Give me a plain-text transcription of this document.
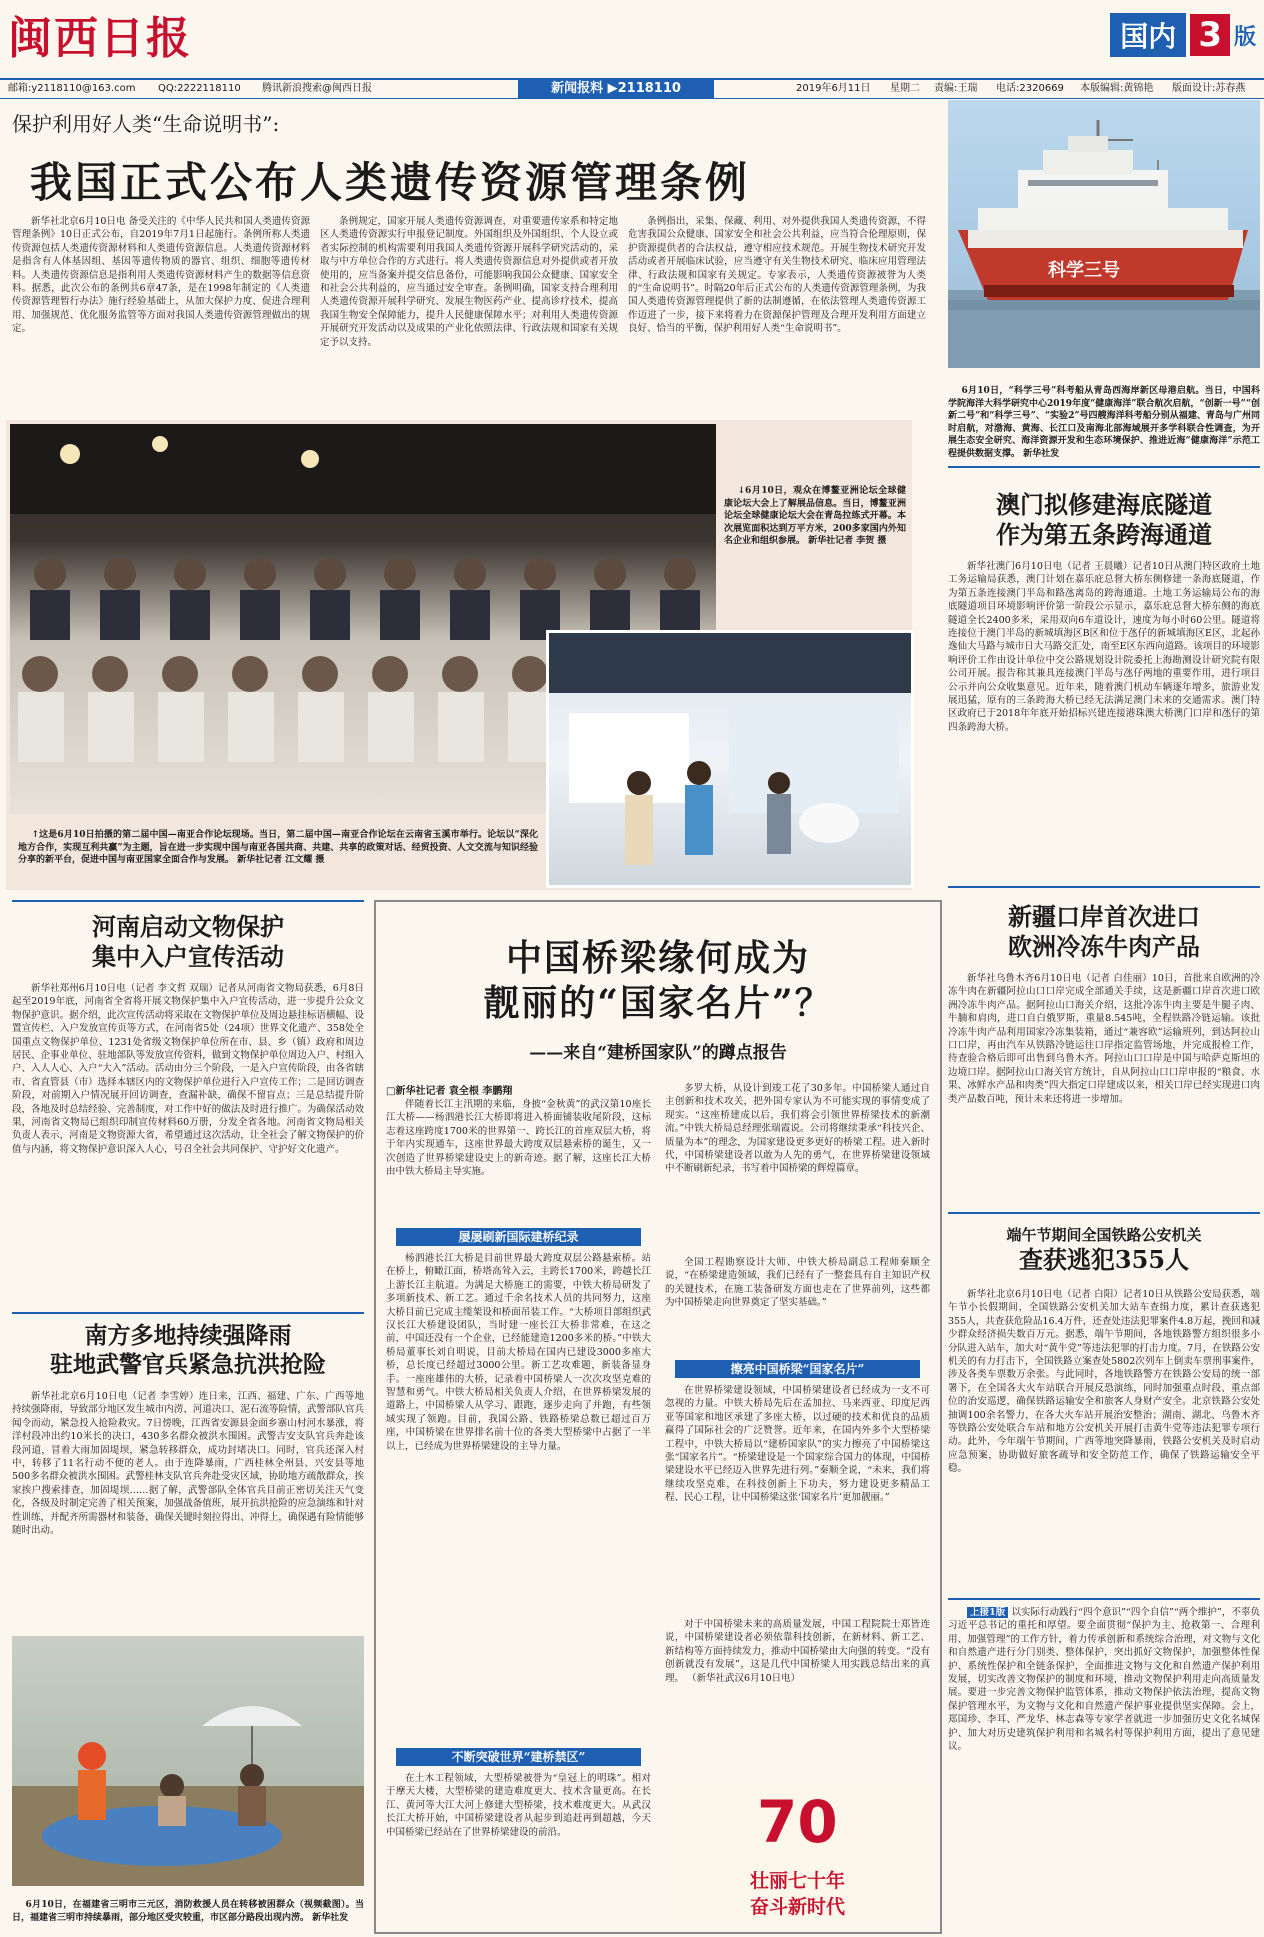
闽西日报	国内 3 版
邮箱:y2118110@163.com QQ:2222118110 腾讯新浪搜索@闽西日报	新闻报料 ▶2118110	2019年6月11日 星期二 责编:王瑞 电话:2320669 本版编辑:黄锦艳 版面设计:苏春燕
保护利用好人类“生命说明书”:
我国正式公布人类遗传资源管理条例

新华社北京6月10日电 备受关注的《中华人民共和国人类遗传资源管理条例》10日正式公布，自2019年7月1日起施行。条例所称人类遗传资源包括人类遗传资源材料和人类遗传资源信息。人类遗传资源材料是指含有人体基因组、基因等遗传物质的器官、组织、细胞等遗传材料。人类遗传资源信息是指利用人类遗传资源材料产生的数据等信息资料。据悉，此次公布的条例共6章47条，是在1998年制定的《人类遗传资源管理暂行办法》施行经验基础上，从加大保护力度、促进合理利用、加强规范、优化服务监管等方面对我国人类遗传资源管理做出的规定。

条例规定，国家开展人类遗传资源调查，对重要遗传家系和特定地区人类遗传资源实行申报登记制度。外国组织及外国组织、个人设立或者实际控制的机构需要利用我国人类遗传资源开展科学研究活动的，采取与中方单位合作的方式进行。将人类遗传资源信息对外提供或者开放使用的，应当备案并提交信息备份，可能影响我国公众健康、国家安全和社会公共利益的，应当通过安全审查。条例明确，国家支持合理利用人类遗传资源开展科学研究、发展生物医药产业、提高诊疗技术，提高我国生物安全保障能力，提升人民健康保障水平；对利用人类遗传资源开展研究开发活动以及成果的产业化依照法律、行政法规和国家有关规定予以支持。

条例指出，采集、保藏、利用、对外提供我国人类遗传资源，不得危害我国公众健康、国家安全和社会公共利益，应当符合伦理原则，保护资源提供者的合法权益，遵守相应技术规范。开展生物技术研究开发活动或者开展临床试验，应当遵守有关生物技术研究、临床应用管理法律、行政法规和国家有关规定。专家表示，人类遗传资源被誉为人类的“生命说明书”。时隔20年后正式公布的人类遗传资源管理条例，为我国人类遗传资源管理提供了新的法制遵循，在依法管理人类遗传资源工作迈进了一步，接下来将着力在资源保护管理及合理开发利用方面建立良好、恰当的平衡，保护利用好人类“生命说明书”。

科学三号

6月10日，“科学三号”科考船从青岛西海岸新区母港启航。当日，中国科学院海洋大科学研究中心2019年度“健康海洋”联合航次启航，“创新一号”“创新二号”和“科学三号”、“实验2”号四艘海洋科考船分别从福建、青岛与广州同时启航，对渤海、黄海、长江口及南海北部海域展开多学科联合性调查，为开展生态安全研究、海洋资源开发和生态环境保护、推进近海“健康海洋”示范工程提供数据支撑。 新华社发

↓6月10日，观众在博鳌亚洲论坛全球健康论坛大会上了解展品信息。当日，博鳌亚洲论坛全球健康论坛大会在青岛拉练式开幕。本次展览面积达到万平方米，200多家国内外知名企业和组织参展。 新华社记者 李贺 摄

↑这是6月10日拍摄的第二届中国—南亚合作论坛现场。当日，第二届中国—南亚合作论坛在云南省玉溪市举行。论坛以“深化地方合作，实现互利共赢”为主题，旨在进一步实现中国与南亚各国共商、共建、共享的政策对话、经贸投资、人文交流与知识经验分享的新平台，促进中国与南亚国家全面合作与发展。 新华社记者 江文耀 摄

澳门拟修建海底隧道
作为第五条跨海通道

新华社澳门6月10日电（记者 王晨曦）记者10日从澳门特区政府土地工务运输局获悉，澳门计划在嘉乐庇总督大桥东侧修建一条海底隧道，作为第五条连接澳门半岛和路氹离岛的跨海通道。土地工务运输局公布的海底隧道项目环境影响评价第一阶段公示显示，嘉乐庇总督大桥东侧的海底隧道全长2400多米，采用双向6车道设计，速度为每小时60公里。隧道将连接位于澳门半岛的新城填海区B区和位于氹仔的新城填海区E区，北起孙逸仙大马路与城市日大马路交汇处，南至E区东西向道路。该项目的环境影响评价工作由设计单位中交公路规划设计院委托上海勘测设计研究院有限公司开展。报告称其兼具连接澳门半岛与氹仔两地的重要作用，进行项目公示并向公众收集意见。近年来，随着澳门机动车辆逐年增多，旅游业发展迅猛，原有的三条跨海大桥已经无法满足澳门未来的交通需求。澳门特区政府已于2018年年底开始招标兴建连接港珠澳大桥澳门口岸和氹仔的第四条跨海大桥。

新疆口岸首次进口
欧洲冷冻牛肉产品

新华社乌鲁木齐6月10日电（记者 白佳丽）10日，首批来自欧洲的冷冻牛肉在新疆阿拉山口口岸完成全部通关手续，这是新疆口岸首次进口欧洲冷冻牛肉产品。据阿拉山口海关介绍，这批冷冻牛肉主要是牛腿子肉、牛腩和肩肉，进口自白俄罗斯，重量8.545吨，全程铁路冷链运输。该批冷冻牛肉产品利用国家冷冻集装箱，通过“兼容欧”运输班列，到达阿拉山口口岸，再由汽车从铁路冷链运往口岸指定监管场地，并完成报检工作，待查验合格后即可出售到乌鲁木齐。阿拉山口口岸是中国与哈萨克斯坦的边境口岸。据阿拉山口海关官方统计，自从阿拉山口口岸申报的“粮食、水果、冰鲜水产品和肉类”四大指定口岸建成以来，相关口岸已经实现进口肉类产品数百吨，预计未来还将进一步增加。

端午节期间全国铁路公安机关
查获逃犯355人

新华社北京6月10日电（记者 白阳）记者10日从铁路公安局获悉，端午节小长假期间，全国铁路公安机关加大站车查缉力度，累计查获逃犯355人，共查获危险品16.4万件，还查处违法犯罪案件4.8万起，挽回和减少群众经济损失数百万元。据悉，端午节期间，各地铁路警方组织很多小分队进入站车，加大对“黄牛党”等违法犯罪的打击力度。7月，在铁路公安机关的有力打击下，全国铁路立案查处5802次列车上倒卖车票刑事案件，涉及各类车票数万余张。与此同时，各地铁路警方在铁路公安局的统一部署下，在全国各大火车站联合开展反恐演练，同时加强重点时段、重点部位的治安巡逻，确保铁路运输安全和旅客人身财产安全。北京铁路公安处抽调100余名警力，在各大火车站开展治安整治；湖南、湖北、乌鲁木齐等铁路公安处联合车站和地方公安机关开展打击黄牛党等违法犯罪专项行动。此外，今年端午节期间，广西等地突降暴雨，铁路公安机关及时启动应急预案，协助做好旅客疏导和安全防范工作，确保了铁路运输安全平稳。

上接1版 以实际行动践行“四个意识”“四个自信”“两个维护”，不辜负习近平总书记的重托和厚望。要全面贯彻“保护为主、抢救第一、合理利用、加强管理”的工作方针，着力传承创新和系统综合治理，对文物与文化和自然遗产进行分门别类、整体保护，突出抓好文物保护，加强整体性保护、系统性保护和全链条保护，全面推进文物与文化和自然遗产保护利用发展，切实改善文物保护的制度和环境，推动文物保护利用走向高质量发展。要进一步完善文物保护监管体系，推动文物保护依法治理，提高文物保护管理水平，为文物与文化和自然遗产保护事业提供坚实保障。会上，郑国珍、李耳、严龙华、林志森等专家学者就进一步加强历史文化名城保护、加大对历史建筑保护利用和名城名村等保护利用方面，提出了意见建议。

河南启动文物保护
集中入户宣传活动

新华社郑州6月10日电（记者 李文哲 双瑞）记者从河南省文物局获悉，6月8日起至2019年底，河南省全省将开展文物保护集中入户宣传活动，进一步提升公众文物保护意识。据介绍，此次宣传活动将采取在文物保护单位及周边悬挂标语横幅、设置宣传栏、入户发放宣传页等方式，在河南省5处（24项）世界文化遗产、358处全国重点文物保护单位、1231处省级文物保护单位所在市、县、乡（镇）政府和周边居民、企事业单位、驻地部队等发放宣传资料，做到文物保护单位周边入户、村组入户、入人人心、入户“大入”活动。活动由分三个阶段，一是入户宣传阶段，由各省辖市、省直管县（市）选择本辖区内的文物保护单位进行入户宣传工作；二是回访调查阶段，对前期入户情况展开回访调查，查漏补缺，确保不留盲点；三是总结提升阶段，各地及时总结经验、完善制度，对工作中好的做法及时进行推广。为确保活动效果，河南省文物局已组织印制宣传材料60万册，分发全省各地。河南省文物局相关负责人表示，河南是文物资源大省，希望通过这次活动，让全社会了解文物保护的价值与内涵，将文物保护意识深入人心，号召全社会共同保护、守护好文化遗产。

南方多地持续强降雨
驻地武警官兵紧急抗洪抢险

新华社北京6月10日电（记者 李雪婷）连日来，江西、福建、广东、广西等地持续强降雨，导致部分地区发生城市内涝、河道决口、泥石流等险情，武警部队官兵闻令而动，紧急投入抢险救灾。7日傍晚，江西省安源县金面乡寨山村河水暴涨，将洋村段冲出约10米长的决口，430多名群众被洪水围困。武警吉安支队官兵奔赴该段河道，冒着大雨加固堤坝，紧急转移群众，成功封堵决口。同时，官兵还深入村中，转移了11名行动不便的老人。由于连降暴雨，广西桂林全州县、兴安县等地500多名群众被洪水围困。武警桂林支队官兵奔赴受灾区域，协助地方疏散群众，挨家挨户搜索排查，加固堤坝……据了解，武警部队全体官兵目前正密切关注天气变化，各级及时制定完善了相关预案，加强战备值班，展开抗洪抢险的应急演练和针对性训练，并配齐所需器材和装备，确保关键时刻拉得出、冲得上，确保遇有险情能够随时出动。

6月10日，在福建省三明市三元区，消防救援人员在转移被困群众（视频截图）。当日，福建省三明市持续暴雨，部分地区受灾较重，市区部分路段出现内涝。 新华社发

中国桥梁缘何成为
靓丽的“国家名片”？
——来自“建桥国家队”的蹲点报告
□新华社记者 袁全根 李鹏翔

伴随着长江主汛期的来临，身披“金秋黄”的武汉第10座长江大桥——杨泗港长江大桥即将进入桥面铺装收尾阶段，这标志着这座跨度1700米的世界第一、跨长江的首座双层大桥，将于年内实现通车，这座世界最大跨度双层悬索桥的诞生，又一次创造了世界桥梁建设史上的新奇迹。据了解，这座长江大桥由中铁大桥局主导实施。

屡屡刷新国际建桥纪录

杨泗港长江大桥是目前世界最大跨度双层公路悬索桥。站在桥上，俯瞰江面，桥塔高耸入云，主跨长1700米，跨越长江上游长江主航道。为满足大桥施工的需要，中铁大桥局研发了多项新技术、新工艺。通过千余名技术人员的共同努力，这座大桥目前已完成主缆架设和桥面吊装工作。“大桥项目部组织武汉长江大桥建设团队，当时建一座长江大桥非常难，在这之前，中国还没有一个企业，已经能建造1200多米的桥。”中铁大桥局董事长刘自明说，目前大桥局在国内已建设3000多座大桥，总长度已经超过3000公里。新工艺攻难题，新装备显身手。一座座雄伟的大桥，记录着中国桥梁人一次次攻坚克难的智慧和勇气。中铁大桥局相关负责人介绍，在世界桥梁发展的道路上，中国桥梁人从学习、跟跑，逐步走向了并跑，有些领域实现了领跑。目前，我国公路、铁路桥梁总数已超过百万座，中国桥梁在世界排名前十位的各类大型桥梁中占据了一半以上，已经成为世界桥梁建设的主导力量。

不断突破世界“建桥禁区”

在土木工程领域，大型桥梁被誉为“皇冠上的明珠”。相对于摩天大楼，大型桥梁的建造难度更大、技术含量更高。在长江、黄河等大江大河上修建大型桥梁，技术难度更大。从武汉长江大桥开始，中国桥梁建设者从起步到追赶再到超越，今天中国桥梁已经站在了世界桥梁建设的前沿。

多罗大桥，从设计到竣工花了30多年。中国桥梁人通过自主创新和技术攻关，把外国专家认为不可能实现的事情变成了现实。“这座桥建成以后，我们将会引领世界桥梁技术的新潮流。”中铁大桥局总经理张瑞霞说。公司将继续秉承“科技兴企、质量为本”的理念，为国家建设更多更好的桥梁工程。进入新时代，中国桥梁建设者以敢为人先的勇气，在世界桥梁建设领域中不断刷新纪录，书写着中国桥梁的辉煌篇章。

全国工程勘察设计大师、中铁大桥局副总工程师秦顺全说，“在桥梁建造领域，我们已经有了一整套具有自主知识产权的关键技术，在施工装备研发方面也走在了世界前列，这些都为中国桥梁走向世界奠定了坚实基础。”

擦亮中国桥梁“国家名片”

在世界桥梁建设领域，中国桥梁建设者已经成为一支不可忽视的力量。中铁大桥局先后在孟加拉、马来西亚、印度尼西亚等国家和地区承建了多座大桥，以过硬的技术和优良的品质赢得了国际社会的广泛赞誉。近年来，在国内外多个大型桥梁工程中，中铁大桥局以“建桥国家队”的实力擦亮了中国桥梁这张“国家名片”。“桥梁建设是一个国家综合国力的体现，中国桥梁建设水平已经迈入世界先进行列。”秦顺全说，“未来，我们将继续攻坚克难，在科技创新上下功夫，努力建设更多精品工程、民心工程，让中国桥梁这张‘国家名片’更加靓丽。”

对于中国桥梁未来的高质量发展，中国工程院院士郑皆连说，中国桥梁建设者必须依靠科技创新，在新材料、新工艺、新结构等方面持续发力，推动中国桥梁由大向强的转变。“没有创新就没有发展”，这是几代中国桥梁人用实践总结出来的真理。 （新华社武汉6月10日电）

70
壮丽七十年
奋斗新时代
